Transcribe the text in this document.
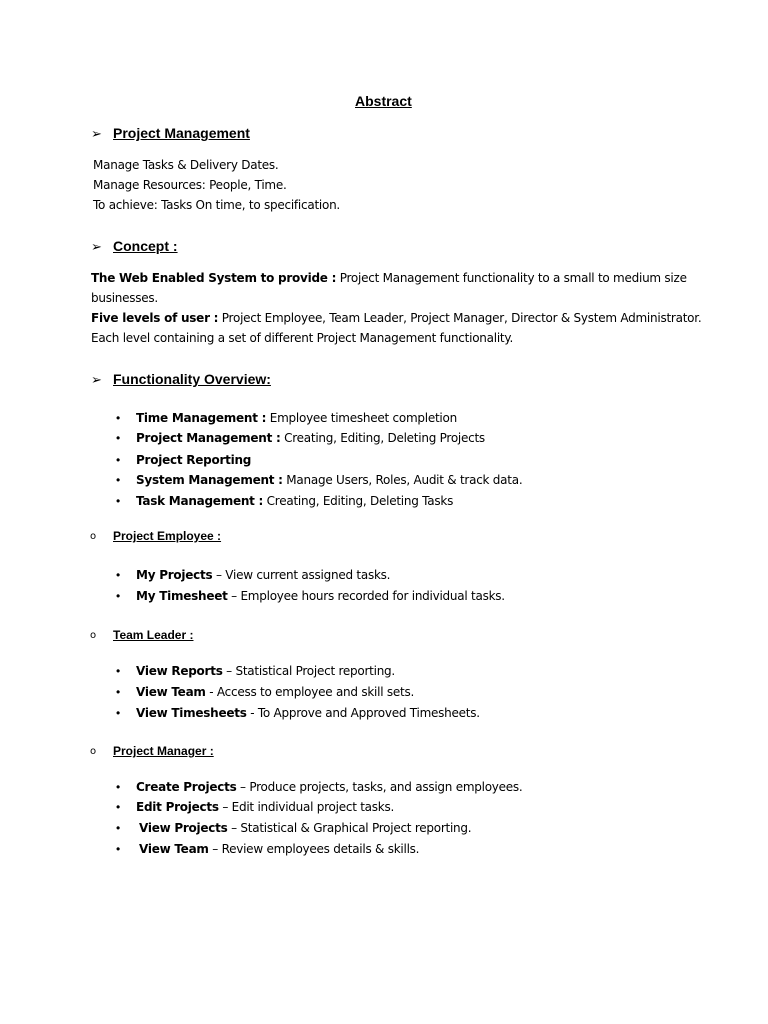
Abstract
➢ Project Management
Manage Tasks & Delivery Dates.
Manage Resources: People, Time.
To achieve: Tasks On time, to specification.
➢ Concept :
The Web Enabled System to provide : Project Management functionality to a small to medium size
businesses.
Five levels of user : Project Employee, Team Leader, Project Manager, Director & System Administrator.
Each level containing a set of different Project Management functionality.
➢ Functionality Overview:
• Time Management : Employee timesheet completion
• Project Management : Creating, Editing, Deleting Projects
• Project Reporting
• System Management : Manage Users, Roles, Audit & track data.
• Task Management : Creating, Editing, Deleting Tasks
o Project Employee :
• My Projects – View current assigned tasks.
• My Timesheet – Employee hours recorded for individual tasks.
o Team Leader :
• View Reports – Statistical Project reporting.
• View Team - Access to employee and skill sets.
• View Timesheets - To Approve and Approved Timesheets.
o Project Manager :
• Create Projects – Produce projects, tasks, and assign employees.
• Edit Projects – Edit individual project tasks.
• View Projects – Statistical & Graphical Project reporting.
• View Team – Review employees details & skills.
